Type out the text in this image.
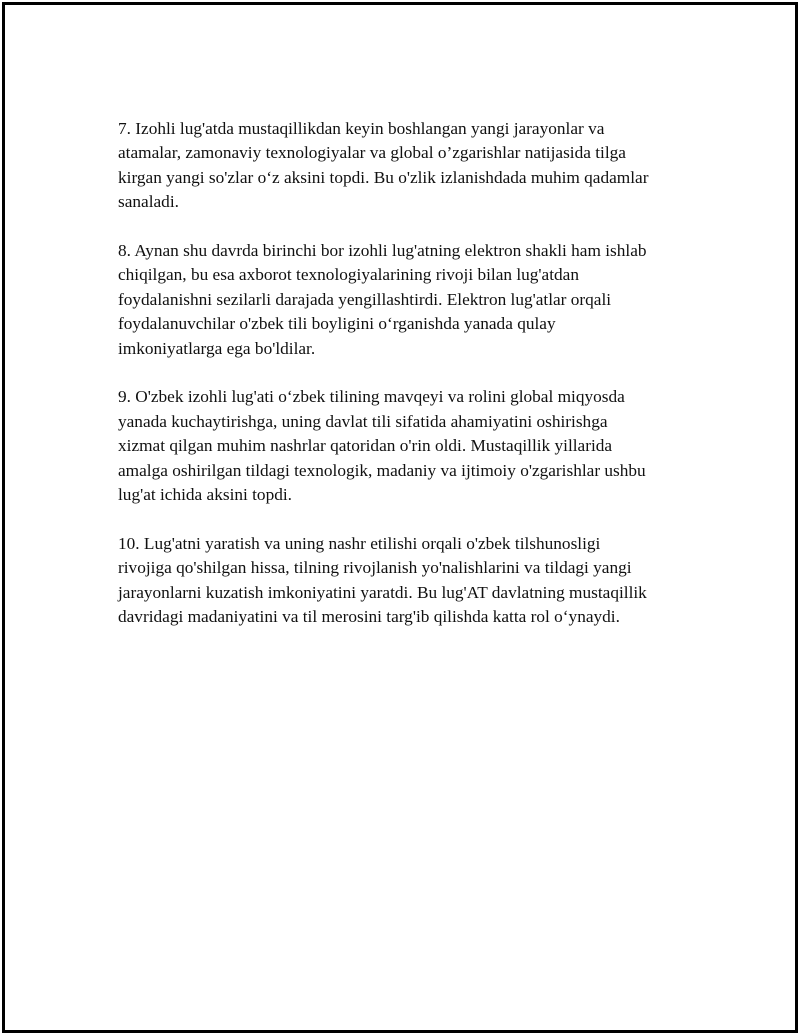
7. Izohli lug'atda mustaqillikdan keyin boshlangan yangi jarayonlar va
atamalar, zamonaviy texnologiyalar va global o’zgarishlar natijasida tilga
kirgan yangi so'zlar o‘z aksini topdi. Bu o'zlik izlanishdada muhim qadamlar
sanaladi.

8. Aynan shu davrda birinchi bor izohli lug'atning elektron shakli ham ishlab
chiqilgan, bu esa axborot texnologiyalarining rivoji bilan lug'atdan
foydalanishni sezilarli darajada yengillashtirdi. Elektron lug'atlar orqali
foydalanuvchilar o'zbek tili boyligini o‘rganishda yanada qulay
imkoniyatlarga ega bo'ldilar.

9. O'zbek izohli lug'ati o‘zbek tilining mavqeyi va rolini global miqyosda
yanada kuchaytirishga, uning davlat tili sifatida ahamiyatini oshirishga
xizmat qilgan muhim nashrlar qatoridan o'rin oldi. Mustaqillik yillarida
amalga oshirilgan tildagi texnologik, madaniy va ijtimoiy o'zgarishlar ushbu
lug'at ichida aksini topdi.

10. Lug'atni yaratish va uning nashr etilishi orqali o'zbek tilshunosligi
rivojiga qo'shilgan hissa, tilning rivojlanish yo'nalishlarini va tildagi yangi
jarayonlarni kuzatish imkoniyatini yaratdi. Bu lug'AT davlatning mustaqillik
davridagi madaniyatini va til merosini targ'ib qilishda katta rol o‘ynaydi.
